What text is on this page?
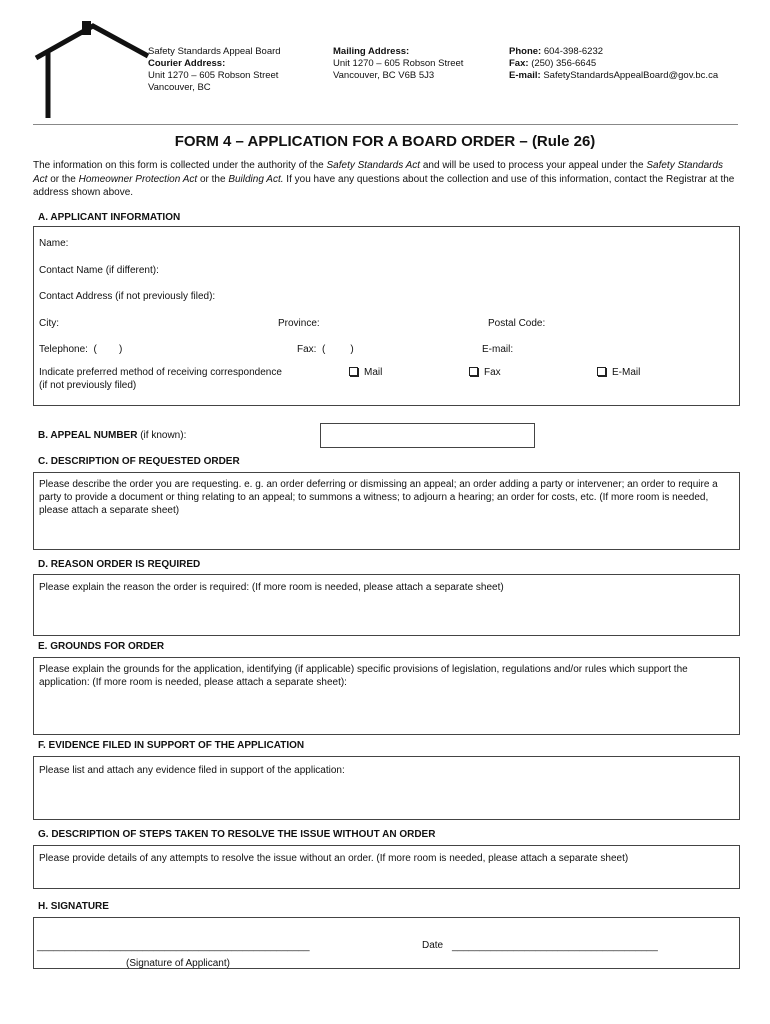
Safety Standards Appeal Board
Courier Address:
Unit 1270 – 605 Robson Street
Vancouver, BC
Mailing Address:
Unit 1270 – 605 Robson Street
Vancouver, BC V6B 5J3
Phone: 604-398-6232
Fax: (250) 356-6645
E-mail: SafetyStandardsAppealBoard@gov.bc.ca
FORM 4 – APPLICATION FOR A BOARD ORDER – (Rule 26)
The information on this form is collected under the authority of the Safety Standards Act and will be used to process your appeal under the Safety Standards Act or the Homeowner Protection Act or the Building Act. If you have any questions about the collection and use of this information, contact the Registrar at the address shown above.
A. APPLICANT INFORMATION
Name:
Contact Name (if different):
Contact Address (if not previously filed):
City:	Province:	Postal Code:
Telephone:  (        )	Fax:  (         )	E-mail:
Indicate preferred method of receiving correspondence
(if not previously filed)
Mail	Fax	E-Mail
B. APPEAL NUMBER (if known):
C. DESCRIPTION OF REQUESTED ORDER
Please describe the order you are requesting. e. g. an order deferring or dismissing an appeal; an order adding a party or intervener; an order to require a party to provide a document or thing relating to an appeal; to summons a witness; to adjourn a hearing; an order for costs, etc. (If more room is needed, please attach a separate sheet)
D. REASON ORDER IS REQUIRED
Please explain the reason the order is required: (If more room is needed, please attach a separate sheet)
E. GROUNDS FOR ORDER
Please explain the grounds for the application, identifying (if applicable) specific provisions of legislation, regulations and/or rules which support the application: (If more room is needed, please attach a separate sheet):
F. EVIDENCE FILED IN SUPPORT OF THE APPLICATION
Please list and attach any evidence filed in support of the application:
G. DESCRIPTION OF STEPS TAKEN TO RESOLVE THE ISSUE WITHOUT AN ORDER
Please provide details of any attempts to resolve the issue without an order. (If more room is needed, please attach a separate sheet)
H. SIGNATURE
_________________________________________________
(Signature of Applicant)
Date _____________________________________
